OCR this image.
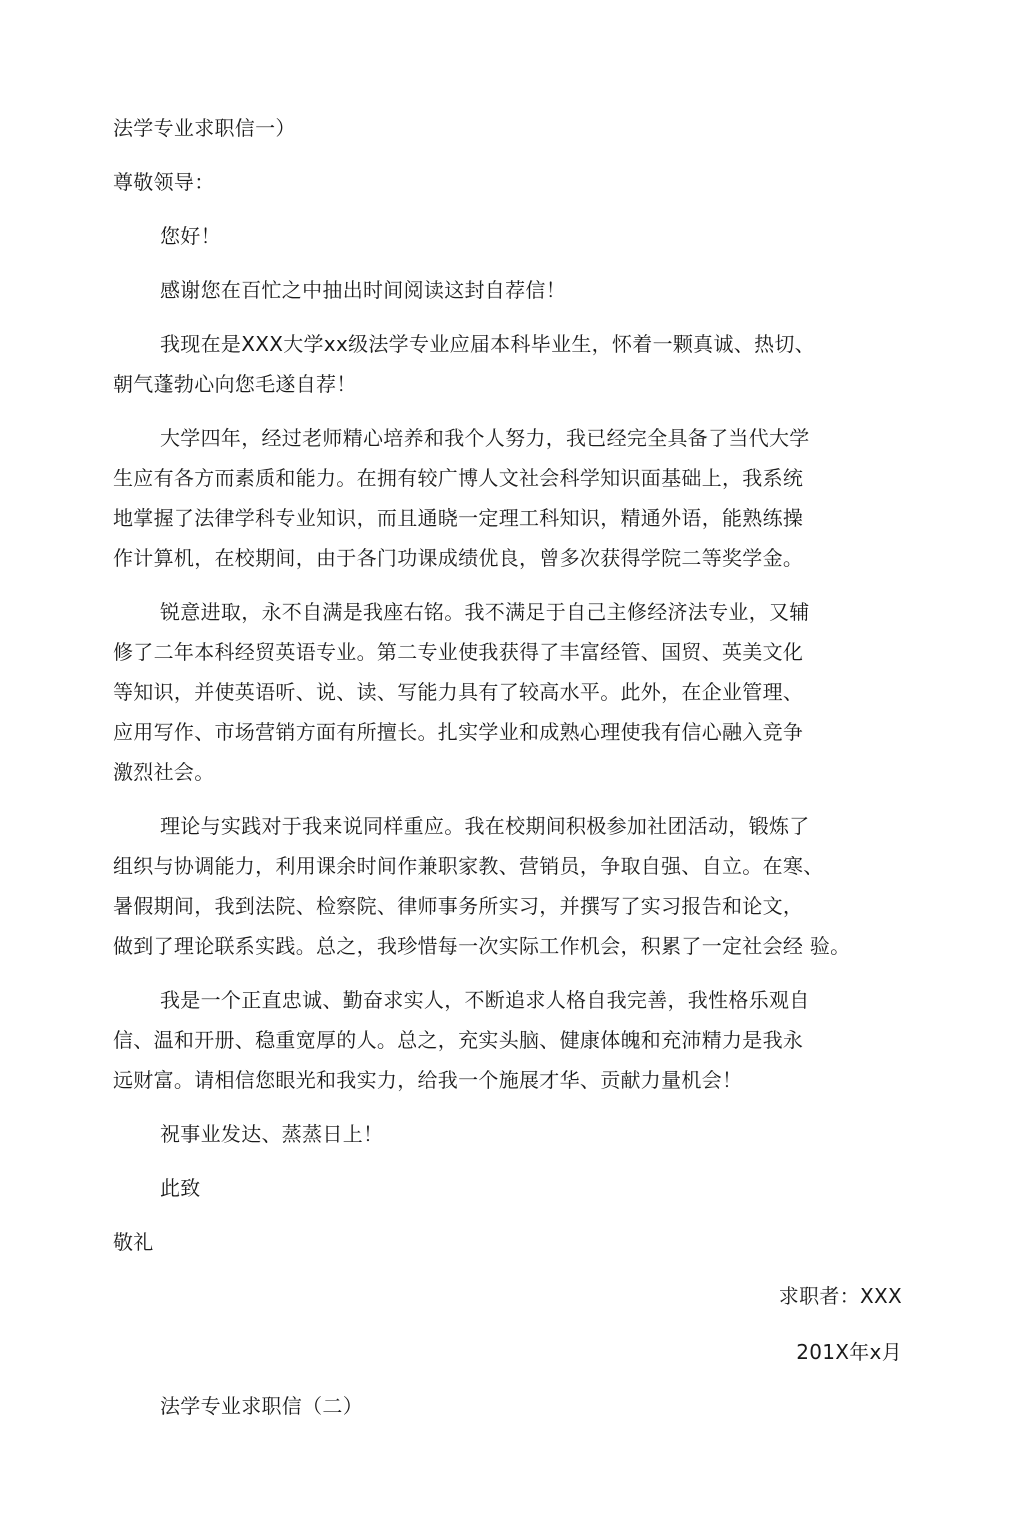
法学专业求职信一）
尊敬领导：
您好！
感谢您在百忙之中抽出时间阅读这封自荐信！
我现在是XXX大学xx级法学专业应届本科毕业生，怀着一颗真诚、热切、
朝气蓬勃心向您毛遂自荐！
大学四年，经过老师精心培养和我个人努力，我已经完全具备了当代大学
生应有各方而素质和能力。在拥有较广博人文社会科学知识面基础上，我系统
地掌握了法律学科专业知识，而且通晓一定理工科知识，精通外语，能熟练操
作计算机，在校期间，由于各门功课成绩优良，曾多次获得学院二等奖学金。
锐意进取，永不自满是我座右铭。我不满足于自己主修经济法专业，又辅
修了二年本科经贸英语专业。第二专业使我获得了丰富经管、国贸、英美文化
等知识，并使英语听、说、读、写能力具有了较高水平。此外，在企业管理、
应用写作、市场营销方面有所擅长。扎实学业和成熟心理使我有信心融入竞争
激烈社会。
理论与实践对于我来说同样重应。我在校期间积极参加社团活动，锻炼了
组织与协调能力，利用课余时间作兼职家教、营销员，争取自强、自立。在寒、
暑假期间，我到法院、检察院、律师事务所实习，并撰写了实习报告和论文，
做到了理论联系实践。总之，我珍惜每一次实际工作机会，积累了一定社会经 验。
我是一个正直忠诚、勤奋求实人，不断追求人格自我完善，我性格乐观自
信、温和开册、稳重宽厚的人。总之，充实头脑、健康体魄和充沛精力是我永
远财富。请相信您眼光和我实力，给我一个施展才华、贡献力量机会！
祝事业发达、蒸蒸日上！
此致
敬礼
求职者：XXX
201X年x月
法学专业求职信（二）
